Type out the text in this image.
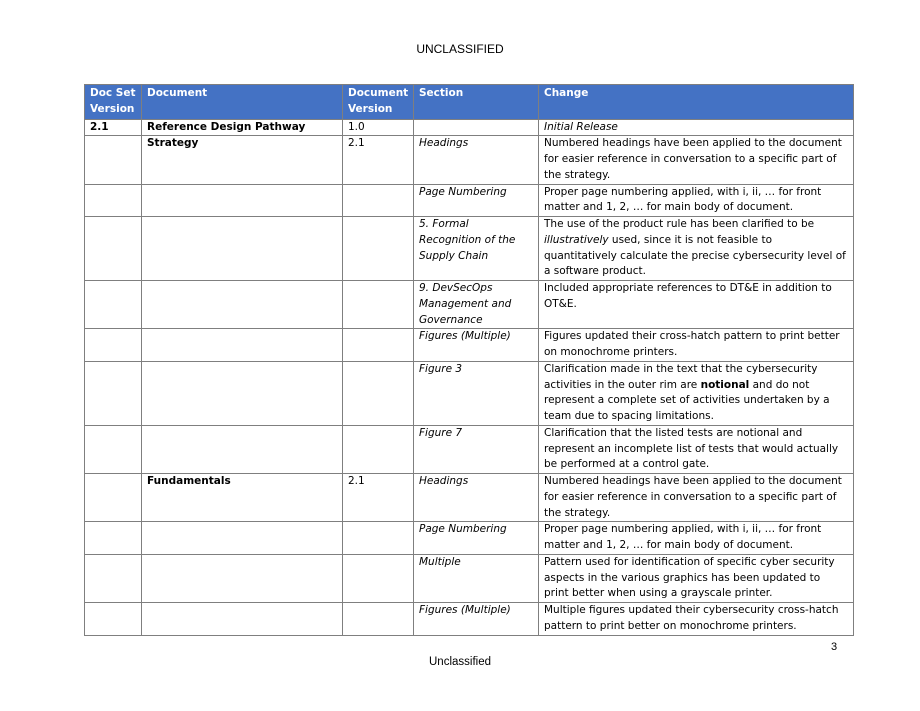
UNCLASSIFIED
Doc Set Version	Document	Document Version	Section	Change
2.1	Reference Design Pathway	1.0		Initial Release
	Strategy	2.1	Headings	Numbered headings have been applied to the document for easier reference in conversation to a specific part of the strategy.
			Page Numbering	Proper page numbering applied, with i, ii, … for front matter and 1, 2, … for main body of document.
			5. Formal Recognition of the Supply Chain	The use of the product rule has been clarified to be illustratively used, since it is not feasible to quantitatively calculate the precise cybersecurity level of a software product.
			9. DevSecOps Management and Governance	Included appropriate references to DT&E in addition to OT&E.
			Figures (Multiple)	Figures updated their cross-hatch pattern to print better on monochrome printers.
			Figure 3	Clarification made in the text that the cybersecurity activities in the outer rim are notional and do not represent a complete set of activities undertaken by a team due to spacing limitations.
			Figure 7	Clarification that the listed tests are notional and represent an incomplete list of tests that would actually be performed at a control gate.
	Fundamentals	2.1	Headings	Numbered headings have been applied to the document for easier reference in conversation to a specific part of the strategy.
			Page Numbering	Proper page numbering applied, with i, ii, … for front matter and 1, 2, … for main body of document.
			Multiple	Pattern used for identification of specific cyber security aspects in the various graphics has been updated to print better when using a grayscale printer.
			Figures (Multiple)	Multiple figures updated their cybersecurity cross-hatch pattern to print better on monochrome printers.
3
Unclassified
